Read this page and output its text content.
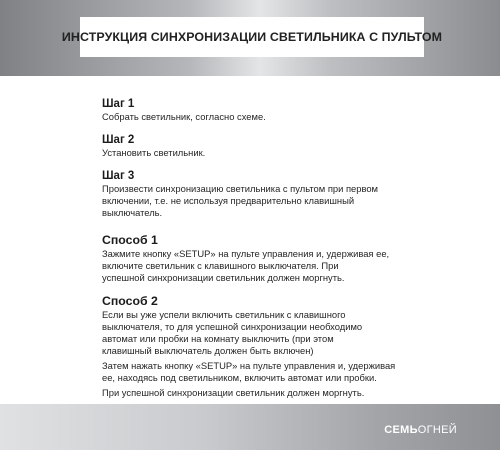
ИНСТРУКЦИЯ СИНХРОНИЗАЦИИ СВЕТИЛЬНИКА С ПУЛЬТОМ
Шаг 1
Собрать светильник, согласно схеме.
Шаг 2
Установить светильник.
Шаг 3
Произвести синхронизацию светильника с пультом при первом
включении, т.е. не используя предварительно клавишный
выключатель.
Способ 1
Зажмите кнопку «SETUP» на пульте управления и, удерживая ее,
включите светильник с клавишного выключателя. При
успешной синхронизации светильник должен моргнуть.
Способ 2
Если вы уже успели включить светильник с клавишного
выключателя, то для успешной синхронизации необходимо
автомат или пробки на комнату выключить (при этом
клавишный выключатель должен быть включен)
Затем нажать кнопку «SETUP» на пульте управления и, удерживая
ее, находясь под светильником, включить автомат или пробки.
При успешной синхронизации светильник должен моргнуть.
СЕМЬОГНЕЙ
